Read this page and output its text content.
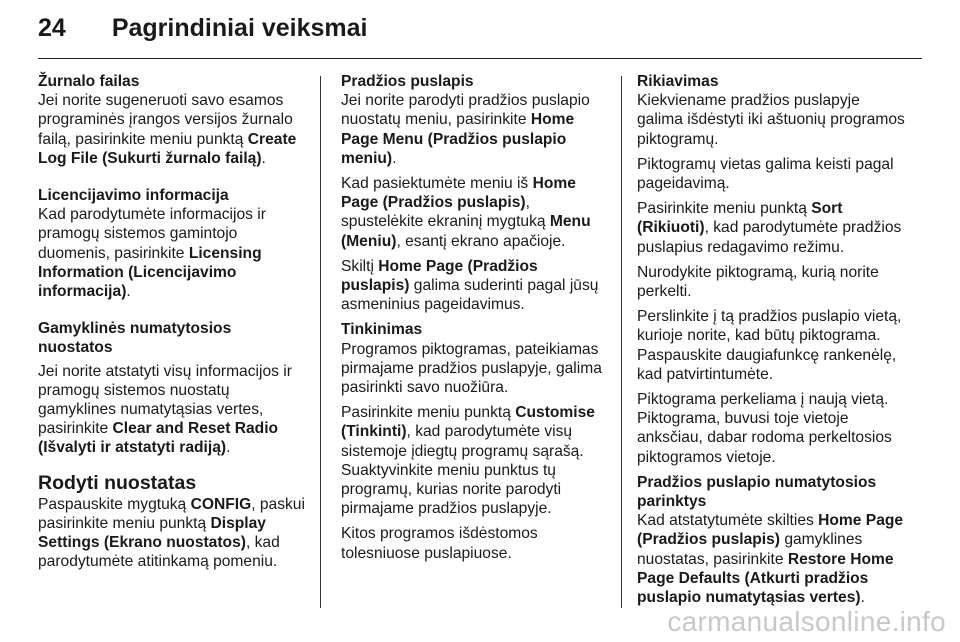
24 Pagrindiniai veiksmai
Žurnalo failas
Jei norite sugeneruoti savo esamos programinės įrangos versijos žurnalo failą, pasirinkite meniu punktą Create Log File (Sukurti žurnalo failą).
Licencijavimo informacija
Kad parodytumėte informacijos ir pramogų sistemos gamintojo duomenis, pasirinkite Licensing Information (Licencijavimo informacija).
Gamyklinės numatytosios nuostatos
Jei norite atstatyti visų informacijos ir pramogų sistemos nuostatų gamyklines numatytąsias vertes, pasirinkite Clear and Reset Radio (Išvalyti ir atstatyti radiją).
Rodyti nuostatas
Paspauskite mygtuką CONFIG, paskui pasirinkite meniu punktą Display Settings (Ekrano nuostatos), kad parodytumėte atitinkamą pomeniu.
Pradžios puslapis

Jei norite parodyti pradžios puslapio nuostatų meniu, pasirinkite Home Page Menu (Pradžios puslapio meniu).

Kad pasiektumėte meniu iš Home Page (Pradžios puslapis), spustelėkite ekraninį mygtuką Menu (Meniu), esantį ekrano apačioje.

Skiltį Home Page (Pradžios puslapis) galima suderinti pagal jūsų asmeninius pageidavimus.

Tinkinimas

Programos piktogramas, pateikiamas pirmajame pradžios puslapyje, galima pasirinkti savo nuožiūra.

Pasirinkite meniu punktą Customise (Tinkinti), kad parodytumėte visų sistemoje įdiegtų programų sąrašą. Suaktyvinkite meniu punktus tų programų, kurias norite parodyti pirmajame pradžios puslapyje.

Kitos programos išdėstomos tolesniuose puslapiuose.

Rikiavimas

Kiekviename pradžios puslapyje galima išdėstyti iki aštuonių programos piktogramų.

Piktogramų vietas galima keisti pagal pageidavimą.

Pasirinkite meniu punktą Sort (Rikiuoti), kad parodytumėte pradžios puslapius redagavimo režimu.

Nurodykite piktogramą, kurią norite perkelti.

Perslinkite į tą pradžios puslapio vietą, kurioje norite, kad būtų piktograma. Paspauskite daugiafunkcę rankenėlę, kad patvirtintumėte.

Piktograma perkeliama į naują vietą. Piktograma, buvusi toje vietoje anksčiau, dabar rodoma perkeltosios piktogramos vietoje.

Pradžios puslapio numatytosios parinktys
Kad atstatytumėte skilties Home Page (Pradžios puslapis) gamyklines nuostatas, pasirinkite Restore Home Page Defaults (Atkurti pradžios puslapio numatytąsias vertes).
carmanualsonline.info
